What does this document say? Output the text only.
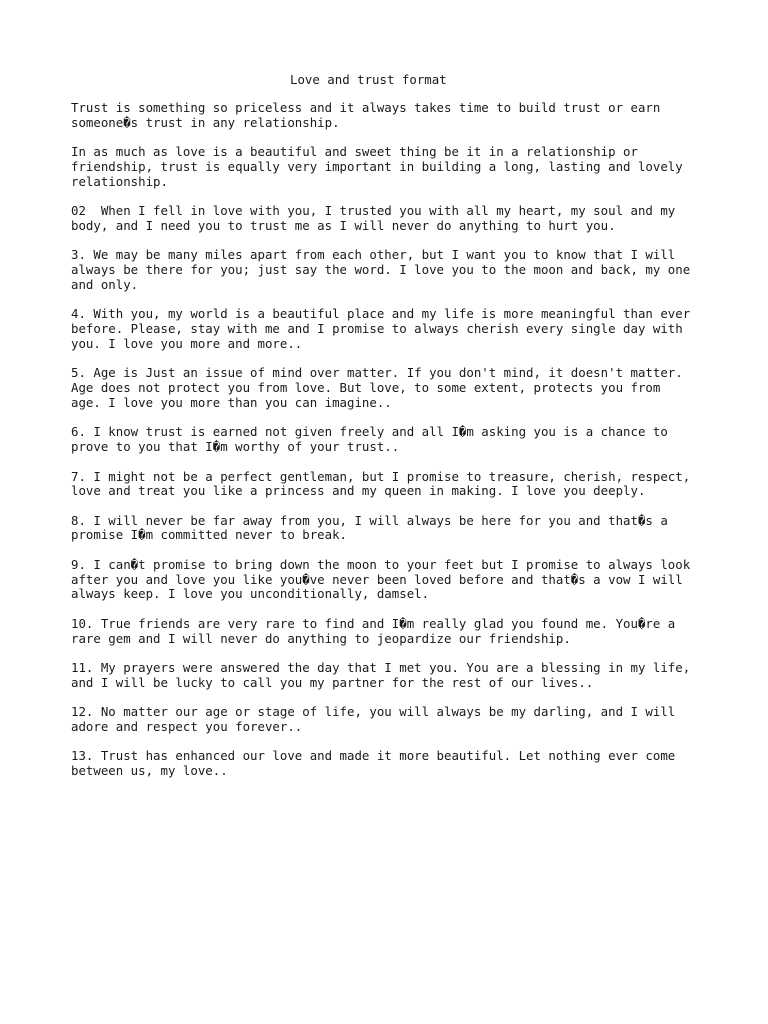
Love and trust format

Trust is something so priceless and it always takes time to build trust or earn
someone�s trust in any relationship.

In as much as love is a beautiful and sweet thing be it in a relationship or
friendship, trust is equally very important in building a long, lasting and lovely
relationship.

02  When I fell in love with you, I trusted you with all my heart, my soul and my
body, and I need you to trust me as I will never do anything to hurt you.

3. We may be many miles apart from each other, but I want you to know that I will
always be there for you; just say the word. I love you to the moon and back, my one
and only.

4. With you, my world is a beautiful place and my life is more meaningful than ever
before. Please, stay with me and I promise to always cherish every single day with
you. I love you more and more..

5. Age is Just an issue of mind over matter. If you don't mind, it doesn't matter.
Age does not protect you from love. But love, to some extent, protects you from
age. I love you more than you can imagine..

6. I know trust is earned not given freely and all I�m asking you is a chance to
prove to you that I�m worthy of your trust..

7. I might not be a perfect gentleman, but I promise to treasure, cherish, respect,
love and treat you like a princess and my queen in making. I love you deeply.

8. I will never be far away from you, I will always be here for you and that�s a
promise I�m committed never to break.

9. I can�t promise to bring down the moon to your feet but I promise to always look
after you and love you like you�ve never been loved before and that�s a vow I will
always keep. I love you unconditionally, damsel.

10. True friends are very rare to find and I�m really glad you found me. You�re a
rare gem and I will never do anything to jeopardize our friendship.

11. My prayers were answered the day that I met you. You are a blessing in my life,
and I will be lucky to call you my partner for the rest of our lives..

12. No matter our age or stage of life, you will always be my darling, and I will
adore and respect you forever..

13. Trust has enhanced our love and made it more beautiful. Let nothing ever come
between us, my love..
